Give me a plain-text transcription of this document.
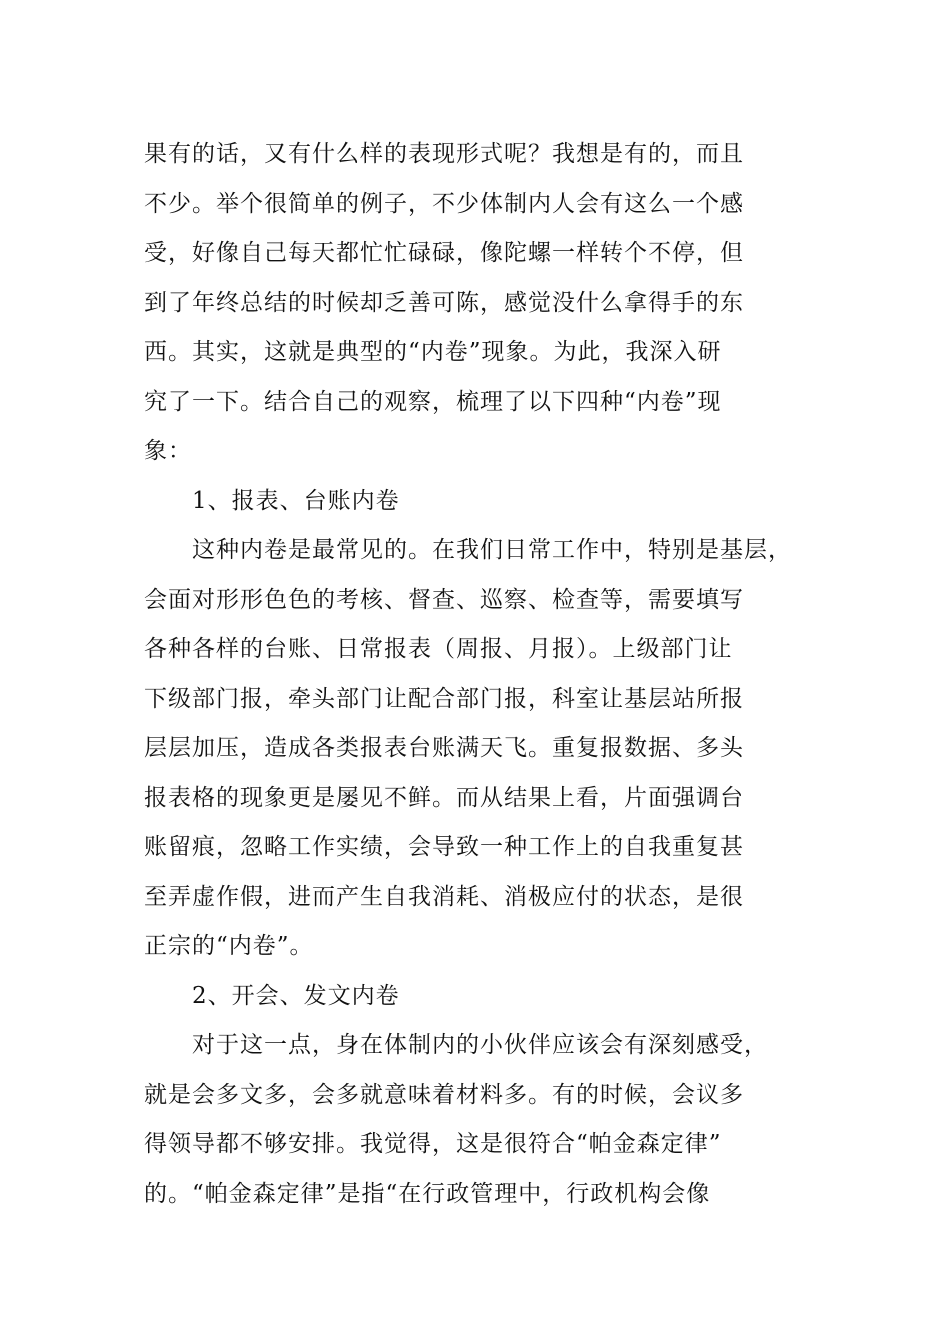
果有的话，又有什么样的表现形式呢？我想是有的，而且
不少。举个很简单的例子，不少体制内人会有这么一个感
受，好像自己每天都忙忙碌碌，像陀螺一样转个不停，但
到了年终总结的时候却乏善可陈，感觉没什么拿得手的东
西。其实，这就是典型的“内卷”现象。为此，我深入研
究了一下。结合自己的观察，梳理了以下四种“内卷”现
象：
1、报表、台账内卷
这种内卷是最常见的。在我们日常工作中，特别是基层，
会面对形形色色的考核、督查、巡察、检查等，需要填写
各种各样的台账、日常报表（周报、月报）。上级部门让
下级部门报，牵头部门让配合部门报，科室让基层站所报
层层加压，造成各类报表台账满天飞。重复报数据、多头
报表格的现象更是屡见不鲜。而从结果上看，片面强调台
账留痕，忽略工作实绩，会导致一种工作上的自我重复甚
至弄虚作假，进而产生自我消耗、消极应付的状态，是很
正宗的“内卷”。
2、开会、发文内卷
对于这一点，身在体制内的小伙伴应该会有深刻感受，
就是会多文多，会多就意味着材料多。有的时候，会议多
得领导都不够安排。我觉得，这是很符合“帕金森定律”
的。“帕金森定律”是指“在行政管理中，行政机构会像
